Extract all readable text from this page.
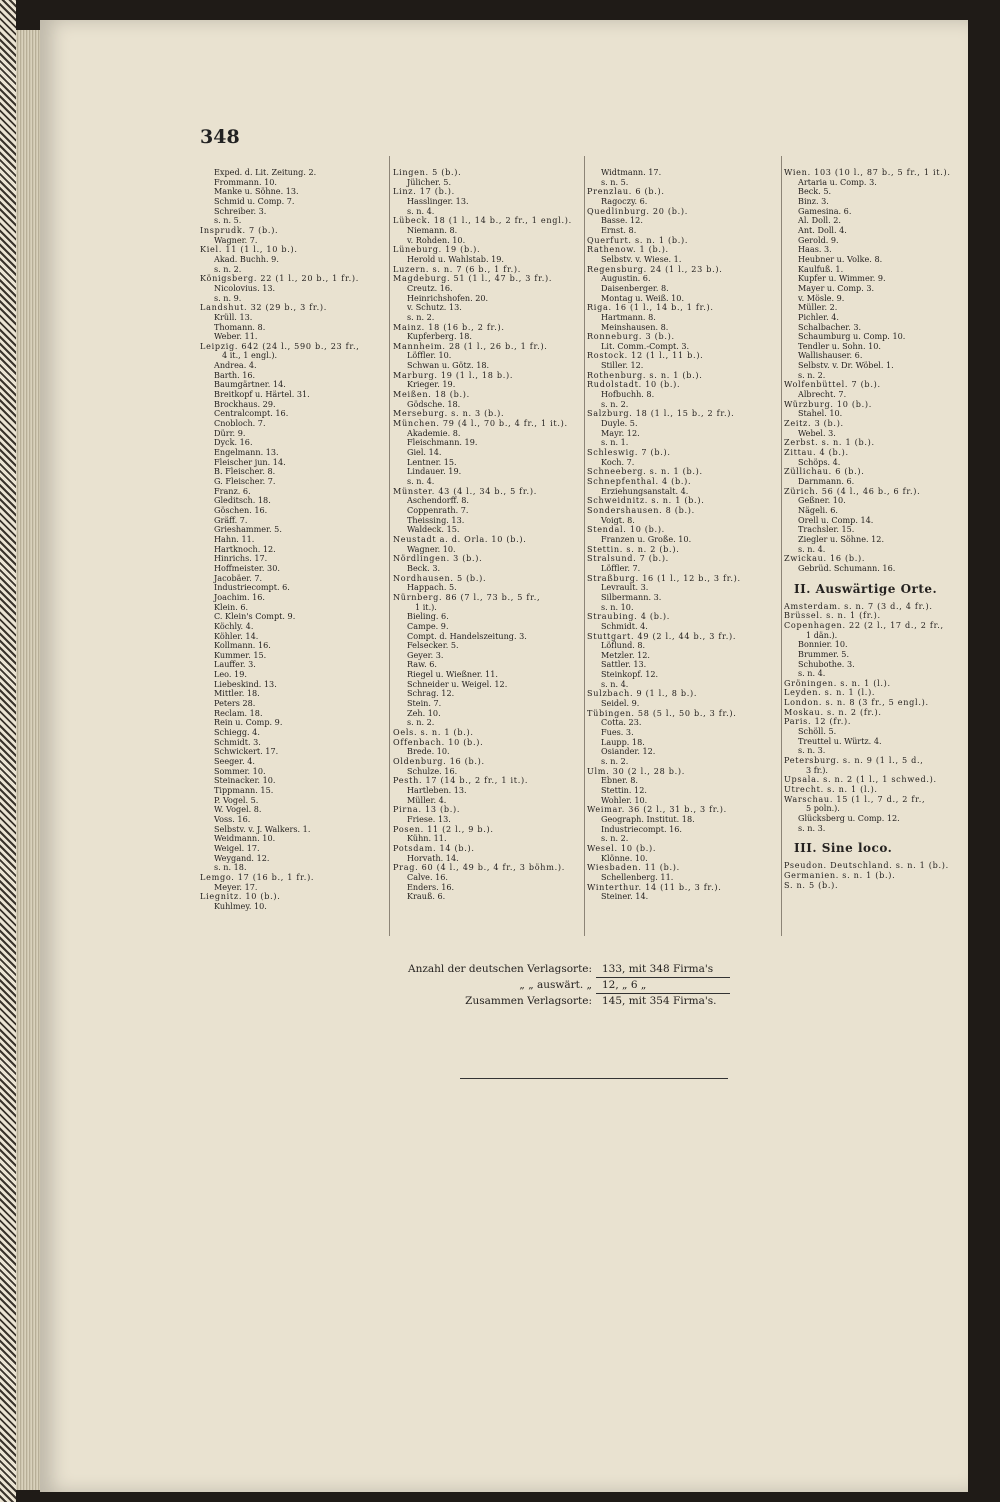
348
Exped. d. Lit. Zeitung. 2.
Frommann. 10.
Manke u. Söhne. 13.
Schmid u. Comp. 7.
Schreiber. 3.
s. n. 5.
Insprudk. 7 (b.).
Wagner. 7.
Kiel. 11 (1 l., 10 b.).
Akad. Buchh. 9.
s. n. 2.
Königsberg. 22 (1 l., 20 b., 1 fr.).
Nicolovius. 13.
s. n. 9.
Landshut. 32 (29 b., 3 fr.).
Krüll. 13.
Thomann. 8.
Weber. 11.
Leipzig. 642 (24 l., 590 b., 23 fr.,
4 it., 1 engl.).
Andrea. 4.
Barth. 16.
Baumgärtner. 14.
Breitkopf u. Härtel. 31.
Brockhaus. 29.
Centralcompt. 16.
Cnobloch. 7.
Dürr. 9.
Dyck. 16.
Engelmann. 13.
Fleischer jun. 14.
B. Fleischer. 8.
G. Fleischer. 7.
Franz. 6.
Gleditsch. 18.
Göschen. 16.
Gräff. 7.
Grieshammer. 5.
Hahn. 11.
Hartknoch. 12.
Hinrichs. 17.
Hoffmeister. 30.
Jacobäer. 7.
Industriecompt. 6.
Joachim. 16.
Klein. 6.
C. Klein's Compt. 9.
Köchly. 4.
Köhler. 14.
Kollmann. 16.
Kummer. 15.
Lauffer. 3.
Leo. 19.
Liebeskind. 13.
Mittler. 18.
Peters 28.
Reclam. 18.
Rein u. Comp. 9.
Schiegg. 4.
Schmidt. 3.
Schwickert. 17.
Seeger. 4.
Sommer. 10.
Steinacker. 10.
Tippmann. 15.
P. Vogel. 5.
W. Vogel. 8.
Voss. 16.
Selbstv. v. J. Walkers. 1.
Weidmann. 10.
Weigel. 17.
Weygand. 12.
s. n. 18.
Lemgo. 17 (16 b., 1 fr.).
Meyer. 17.
Liegnitz. 10 (b.).
Kuhlmey. 10.
Lingen. 5 (b.).
Jülicher. 5.
Linz. 17 (b.).
Hasslinger. 13.
s. n. 4.
Lübeck. 18 (1 l., 14 b., 2 fr., 1 engl.).
Niemann. 8.
v. Rohden. 10.
Lüneburg. 19 (b.).
Herold u. Wahlstab. 19.
Luzern. s. n. 7 (6 b., 1 fr.).
Magdeburg. 51 (1 l., 47 b., 3 fr.).
Creutz. 16.
Heinrichshofen. 20.
v. Schutz. 13.
s. n. 2.
Mainz. 18 (16 b., 2 fr.).
Kupferberg. 18.
Mannheim. 28 (1 l., 26 b., 1 fr.).
Löffler. 10.
Schwan u. Götz. 18.
Marburg. 19 (1 l., 18 b.).
Krieger. 19.
Meißen. 18 (b.).
Gödsche. 18.
Merseburg. s. n. 3 (b.).
München. 79 (4 l., 70 b., 4 fr., 1 it.).
Akademie. 8.
Fleischmann. 19.
Giel. 14.
Lentner. 15.
Lindauer. 19.
s. n. 4.
Münster. 43 (4 l., 34 b., 5 fr.).
Aschendorff. 8.
Coppenrath. 7.
Theissing. 13.
Waldeck. 15.
Neustadt a. d. Orla. 10 (b.).
Wagner. 10.
Nördlingen. 3 (b.).
Beck. 3.
Nordhausen. 5 (b.).
Happach. 5.
Nürnberg. 86 (7 l., 73 b., 5 fr.,
1 it.).
Bieling. 6.
Campe. 9.
Compt. d. Handelszeitung. 3.
Felsecker. 5.
Geyer. 3.
Raw. 6.
Riegel u. Wießner. 11.
Schneider u. Weigel. 12.
Schrag. 12.
Stein. 7.
Zeh. 10.
s. n. 2.
Oels. s. n. 1 (b.).
Offenbach. 10 (b.).
Brede. 10.
Oldenburg. 16 (b.).
Schulze. 16.
Pesth. 17 (14 b., 2 fr., 1 it.).
Hartleben. 13.
Müller. 4.
Pirna. 13 (b.).
Friese. 13.
Posen. 11 (2 l., 9 b.).
Kühn. 11.
Potsdam. 14 (b.).
Horvath. 14.
Prag. 60 (4 l., 49 b., 4 fr., 3 böhm.).
Calve. 16.
Enders. 16.
Krauß. 6.
Widtmann. 17.
s. n. 5.
Prenzlau. 6 (b.).
Ragoczy. 6.
Quedlinburg. 20 (b.).
Basse. 12.
Ernst. 8.
Querfurt. s. n. 1 (b.).
Rathenow. 1 (b.).
Selbstv. v. Wiese. 1.
Regensburg. 24 (1 l., 23 b.).
Augustin. 6.
Daisenberger. 8.
Montag u. Weiß. 10.
Riga. 16 (1 l., 14 b., 1 fr.).
Hartmann. 8.
Meinshausen. 8.
Ronneburg. 3 (b.).
Lit. Comm.-Compt. 3.
Rostock. 12 (1 l., 11 b.).
Stiller. 12.
Rothenburg. s. n. 1 (b.).
Rudolstadt. 10 (b.).
Hofbuchh. 8.
s. n. 2.
Salzburg. 18 (1 l., 15 b., 2 fr.).
Duyle. 5.
Mayr. 12.
s. n. 1.
Schleswig. 7 (b.).
Koch. 7.
Schneeberg. s. n. 1 (b.).
Schnepfenthal. 4 (b.).
Erziehungsanstalt. 4.
Schweidnitz. s. n. 1 (b.).
Sondershausen. 8 (b.).
Voigt. 8.
Stendal. 10 (b.).
Franzen u. Große. 10.
Stettin. s. n. 2 (b.).
Stralsund. 7 (b.).
Löffler. 7.
Straßburg. 16 (1 l., 12 b., 3 fr.).
Levrault. 3.
Silbermann. 3.
s. n. 10.
Straubing. 4 (b.).
Schmidt. 4.
Stuttgart. 49 (2 l., 44 b., 3 fr.).
Löflund. 8.
Metzler. 12.
Sattler. 13.
Steinkopf. 12.
s. n. 4.
Sulzbach. 9 (1 l., 8 b.).
Seidel. 9.
Tübingen. 58 (5 l., 50 b., 3 fr.).
Cotta. 23.
Fues. 3.
Laupp. 18.
Osiander. 12.
s. n. 2.
Ulm. 30 (2 l., 28 b.).
Ebner. 8.
Stettin. 12.
Wohler. 10.
Weimar. 36 (2 l., 31 b., 3 fr.).
Geograph. Institut. 18.
Industriecompt. 16.
s. n. 2.
Wesel. 10 (b.).
Klönne. 10.
Wiesbaden. 11 (b.).
Schellenberg. 11.
Winterthur. 14 (11 b., 3 fr.).
Steiner. 14.
Wien. 103 (10 l., 87 b., 5 fr., 1 it.).
Artaria u. Comp. 3.
Beck. 5.
Binz. 3.
Gamesina. 6.
Al. Doll. 2.
Ant. Doll. 4.
Gerold. 9.
Haas. 3.
Heubner u. Volke. 8.
Kaulfuß. 1.
Kupfer u. Wimmer. 9.
Mayer u. Comp. 3.
v. Mösle. 9.
Müller. 2.
Pichler. 4.
Schalbacher. 3.
Schaumburg u. Comp. 10.
Tendler u. Sohn. 10.
Wallishauser. 6.
Selbstv. v. Dr. Wöbel. 1.
s. n. 2.
Wolfenbüttel. 7 (b.).
Albrecht. 7.
Würzburg. 10 (b.).
Stahel. 10.
Zeitz. 3 (b.).
Webel. 3.
Zerbst. s. n. 1 (b.).
Zittau. 4 (b.).
Schöps. 4.
Züllichau. 6 (b.).
Darnmann. 6.
Zürich. 56 (4 l., 46 b., 6 fr.).
Geßner. 10.
Nägeli. 6.
Orell u. Comp. 14.
Trachsler. 15.
Ziegler u. Söhne. 12.
s. n. 4.
Zwickau. 16 (b.).
Gebrüd. Schumann. 16.
II. Auswärtige Orte.
Amsterdam. s. n. 7 (3 d., 4 fr.).
Brüssel. s. n. 1 (fr.).
Copenhagen. 22 (2 l., 17 d., 2 fr.,
1 dän.).
Bonnier. 10.
Brummer. 5.
Schubothe. 3.
s. n. 4.
Gröningen. s. n. 1 (l.).
Leyden. s. n. 1 (l.).
London. s. n. 8 (3 fr., 5 engl.).
Moskau. s. n. 2 (fr.).
Paris. 12 (fr.).
Schöll. 5.
Treuttel u. Würtz. 4.
s. n. 3.
Petersburg. s. n. 9 (1 l., 5 d.,
3 fr.).
Upsala. s. n. 2 (1 l., 1 schwed.).
Utrecht. s. n. 1 (l.).
Warschau. 15 (1 l., 7 d., 2 fr.,
5 poln.).
Glücksberg u. Comp. 12.
s. n. 3.
III. Sine loco.
Pseudon. Deutschland. s. n. 1 (b.).
Germanien. s. n. 1 (b.).
S. n. 5 (b.).
Anzahl der deutschen Verlagsorte: 133, mit 348 Firma's
„ „ auswärt. „ 12, „ 6 „
Zusammen Verlagsorte: 145, mit 354 Firma's.
